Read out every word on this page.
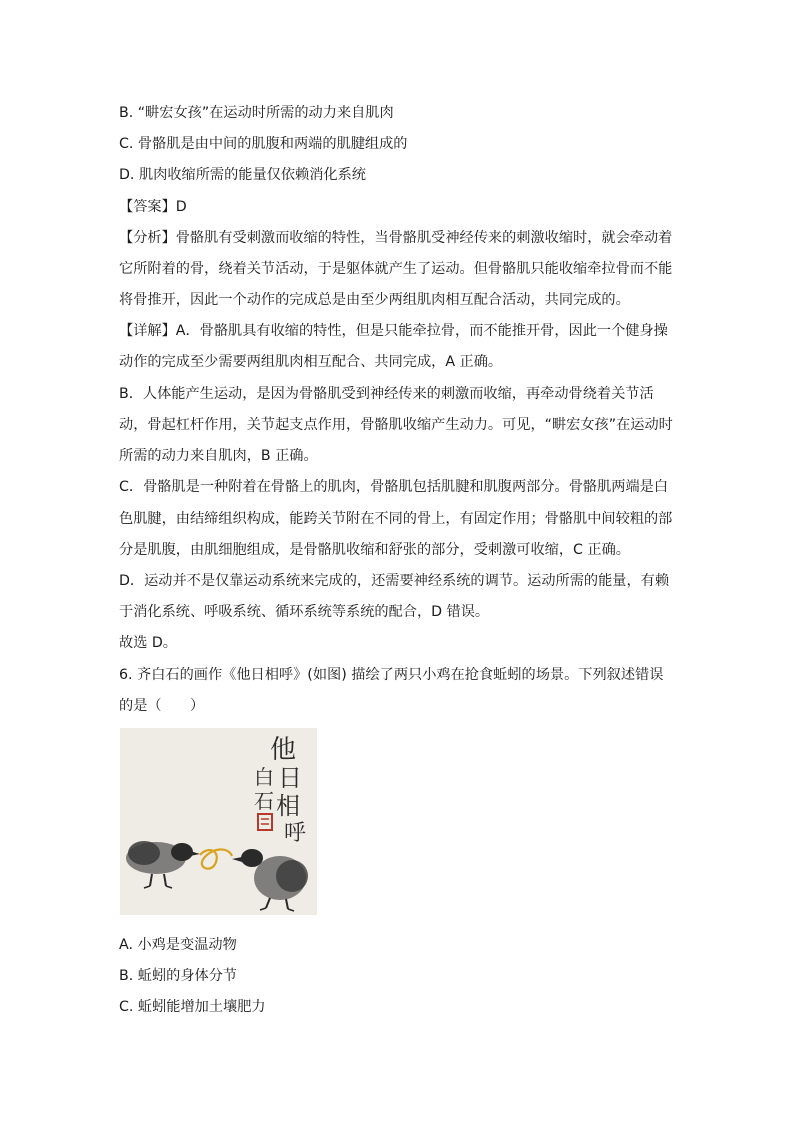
B. “畊宏女孩”在运动时所需的动力来自肌肉
C. 骨骼肌是由中间的肌腹和两端的肌腱组成的
D. 肌肉收缩所需的能量仅依赖消化系统
【答案】D
【分析】骨骼肌有受刺激而收缩的特性，当骨骼肌受神经传来的刺激收缩时，就会牵动着
它所附着的骨，绕着关节活动，于是躯体就产生了运动。但骨骼肌只能收缩牵拉骨而不能
将骨推开，因此一个动作的完成总是由至少两组肌肉相互配合活动，共同完成的。
【详解】A．骨骼肌具有收缩的特性，但是只能牵拉骨，而不能推开骨，因此一个健身操
动作的完成至少需要两组肌肉相互配合、共同完成，A 正确。
B．人体能产生运动，是因为骨骼肌受到神经传来的刺激而收缩，再牵动骨绕着关节活
动，骨起杠杆作用，关节起支点作用，骨骼肌收缩产生动力。可见，“畊宏女孩”在运动时
所需的动力来自肌肉，B 正确。
C．骨骼肌是一种附着在骨骼上的肌肉，骨骼肌包括肌腱和肌腹两部分。骨骼肌两端是白
色肌腱，由结缔组织构成，能跨关节附在不同的骨上，有固定作用；骨骼肌中间较粗的部
分是肌腹，由肌细胞组成，是骨骼肌收缩和舒张的部分，受刺激可收缩，C 正确。
D．运动并不是仅靠运动系统来完成的，还需要神经系统的调节。运动所需的能量，有赖
于消化系统、呼吸系统、循环系统等系统的配合，D 错误。
故选 D。
6. 齐白石的画作《他日相呼》(如图) 描绘了两只小鸡在抢食蚯蚓的场景。下列叙述错误
的是（　　）
他
日
相
呼
白
石
A. 小鸡是变温动物
B. 蚯蚓的身体分节
C. 蚯蚓能增加土壤肥力
